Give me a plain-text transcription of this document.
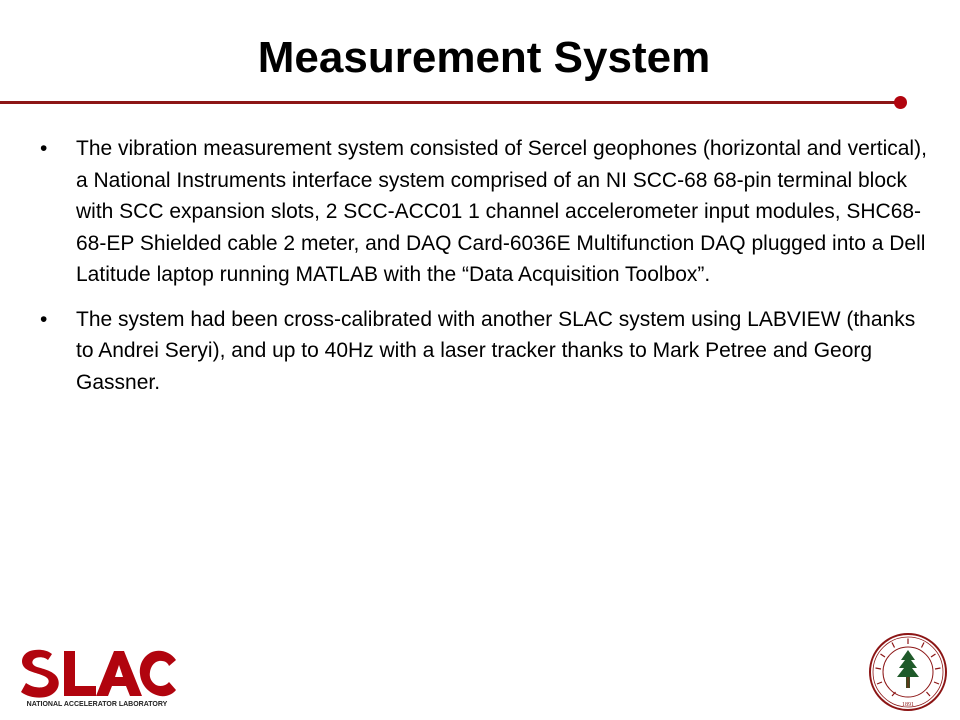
Measurement System
• The vibration measurement system consisted of Sercel geophones (horizontal and vertical), a National Instruments interface system comprised of an NI SCC-68 68-pin terminal block with SCC expansion slots, 2 SCC-ACC01 1 channel accelerometer input modules, SHC68-68-EP Shielded cable 2 meter, and DAQ Card-6036E Multifunction DAQ plugged into a Dell Latitude laptop running MATLAB with the “Data Acquisition Toolbox”.
• The system had been cross-calibrated with another SLAC system using LABVIEW (thanks to Andrei Seryi), and up to 40Hz with a laser tracker thanks to Mark Petree and Georg Gassner.
NATIONAL ACCELERATOR LABORATORY	1891
